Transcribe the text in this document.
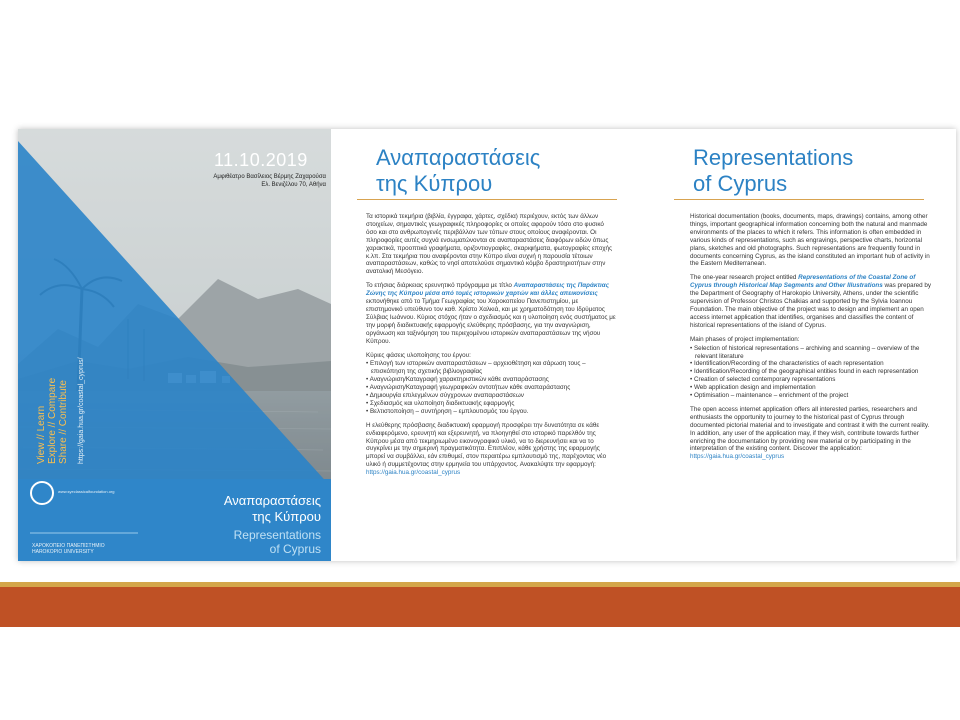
11.10.2019
Αμφιθέατρο Βασίλειος Βέρμης Ζαχαρούσα
Ελ. Βενιζέλου 70, Αθήνα
View // Learn Explore // Compare Share // Contribute https://gaia.hua.gr/coastal_cyprus/
www.syeclassicalfoundation.org
Αναπαραστάσεις
της Κύπρου
Representations
of Cyprus
ΧΑΡΟΚΟΠΕΙΟ ΠΑΝΕΠΙΣΤΗΜΙΟ
HAROKOPIO UNIVERSITY
Αναπαραστάσεις
της Κύπρου

Τα ιστορικά τεκμήρια (βιβλία, έγγραφα, χάρτες, σχέδια) περιέχουν, εκτός των άλλων στοιχείων, σημαντικές γεωγραφικές πληροφορίες οι οποίες αφορούν τόσο στο φυσικό όσο και στο ανθρωπογενές περιβάλλον των τόπων στους οποίους αναφέρονται. Οι πληροφορίες αυτές συχνά ενσωματώνονται σε αναπαραστάσεις διαφόρων ειδών όπως χαρακτικά, προοπτικά γραφήματα, οριζοντιογραφίες, σκαριφήματα, φωτογραφίες εποχής κ.λπ. Στα τεκμήρια που αναφέρονται στην Κύπρο είναι συχνή η παρουσία τέτοιων αναπαραστάσεων, καθώς το νησί αποτελούσε σημαντικό κόμβο δραστηριοτήτων στην ανατολική Μεσόγειο.

Το ετήσιας διάρκειας ερευνητικό πρόγραμμα με τίτλο Αναπαραστάσεις της Παράκτιας Ζώνης της Κύπρου μέσα από τομές ιστορικών χαρτών και άλλες απεικονίσεις εκπονήθηκε από το Τμήμα Γεωγραφίας του Χαροκοπείου Πανεπιστημίου, με επιστημονικό υπεύθυνο τον καθ. Χρίστο Χαλκιά, και με χρηματοδότηση του Ιδρύματος Σύλβιας Ιωάννου. Κύριος στόχος ήταν ο σχεδιασμός και η υλοποίηση ενός συστήματος με την μορφή διαδικτυακής εφαρμογής ελεύθερης πρόσβασης, για την αναγνώριση, οργάνωση και ταξινόμηση του περιεχομένου ιστορικών αναπαραστάσεων της νήσου Κύπρου.

Κύριες φάσεις υλοποίησης του έργου:

• Επιλογή των ιστορικών αναπαραστάσεων – αρχειοθέτηση και σάρωση τους – επισκόπηση της σχετικής βιβλιογραφίας
• Αναγνώριση/Καταγραφή χαρακτηριστικών κάθε αναπαράστασης
• Αναγνώριση/Καταγραφή γεωγραφικών οντοτήτων κάθε αναπαράστασης
• Δημιουργία επιλεγμένων σύγχρονων αναπαραστάσεων
• Σχεδιασμός και υλοποίηση διαδικτυακής εφαρμογής
• Βελτιστοποίηση – συντήρηση – εμπλουτισμός του έργου.

Η ελεύθερης πρόσβασης διαδικτυακή εφαρμογή προσφέρει την δυνατότητα σε κάθε ενδιαφερόμενο, ερευνητή και εξερευνητή, να πλοηγηθεί στο ιστορικό παρελθόν της Κύπρου μέσα από τεκμηριωμένο εικονογραφικό υλικό, να το διερευνήσει και να το συγκρίνει με την σημερινή πραγματικότητα. Επιπλέον, κάθε χρήστης της εφαρμογής μπορεί να συμβάλλει, εάν επιθυμεί, στον περαιτέρω εμπλουτισμό της, παρέχοντας νέο υλικό ή συμμετέχοντας στην ερμηνεία του υπάρχοντος. Ανακαλύψτε την εφαρμογή: https://gaia.hua.gr/coastal_cyprus

Representations
of Cyprus

Historical documentation (books, documents, maps, drawings) contains, among other things, important geographical information concerning both the natural and manmade environments of the places to which it refers. This information is often embedded in various kinds of representations, such as engravings, perspective charts, horizontal plans, sketches and old photographs. Such representations are frequently found in documents concerning Cyprus, as the island constituted an important hub of activity in the Eastern Mediterranean.

The one-year research project entitled Representations of the Coastal Zone of Cyprus through Historical Map Segments and Other Illustrations was prepared by the Department of Geography of Harokopio University, Athens, under the scientific supervision of Professor Christos Chalkias and supported by the Sylvia Ioannou Foundation. The main objective of the project was to design and implement an open access internet application that identifies, organises and classifies the content of historical representations of the island of Cyprus.

Main phases of project implementation:

• Selection of historical representations – archiving and scanning – overview of the relevant literature
• Identification/Recording of the characteristics of each representation
• Identification/Recording of the geographical entities found in each representation
• Creation of selected contemporary representations
• Web application design and implementation
• Optimisation – maintenance – enrichment of the project

The open access internet application offers all interested parties, researchers and enthusiasts the opportunity to journey to the historical past of Cyprus through documented pictorial material and to investigate and contrast it with the current reality. In addition, any user of the application may, if they wish, contribute towards further enriching the documentation by providing new material or by participating in the interpretation of the existing content. Discover the application: https://gaia.hua.gr/coastal_cyprus
